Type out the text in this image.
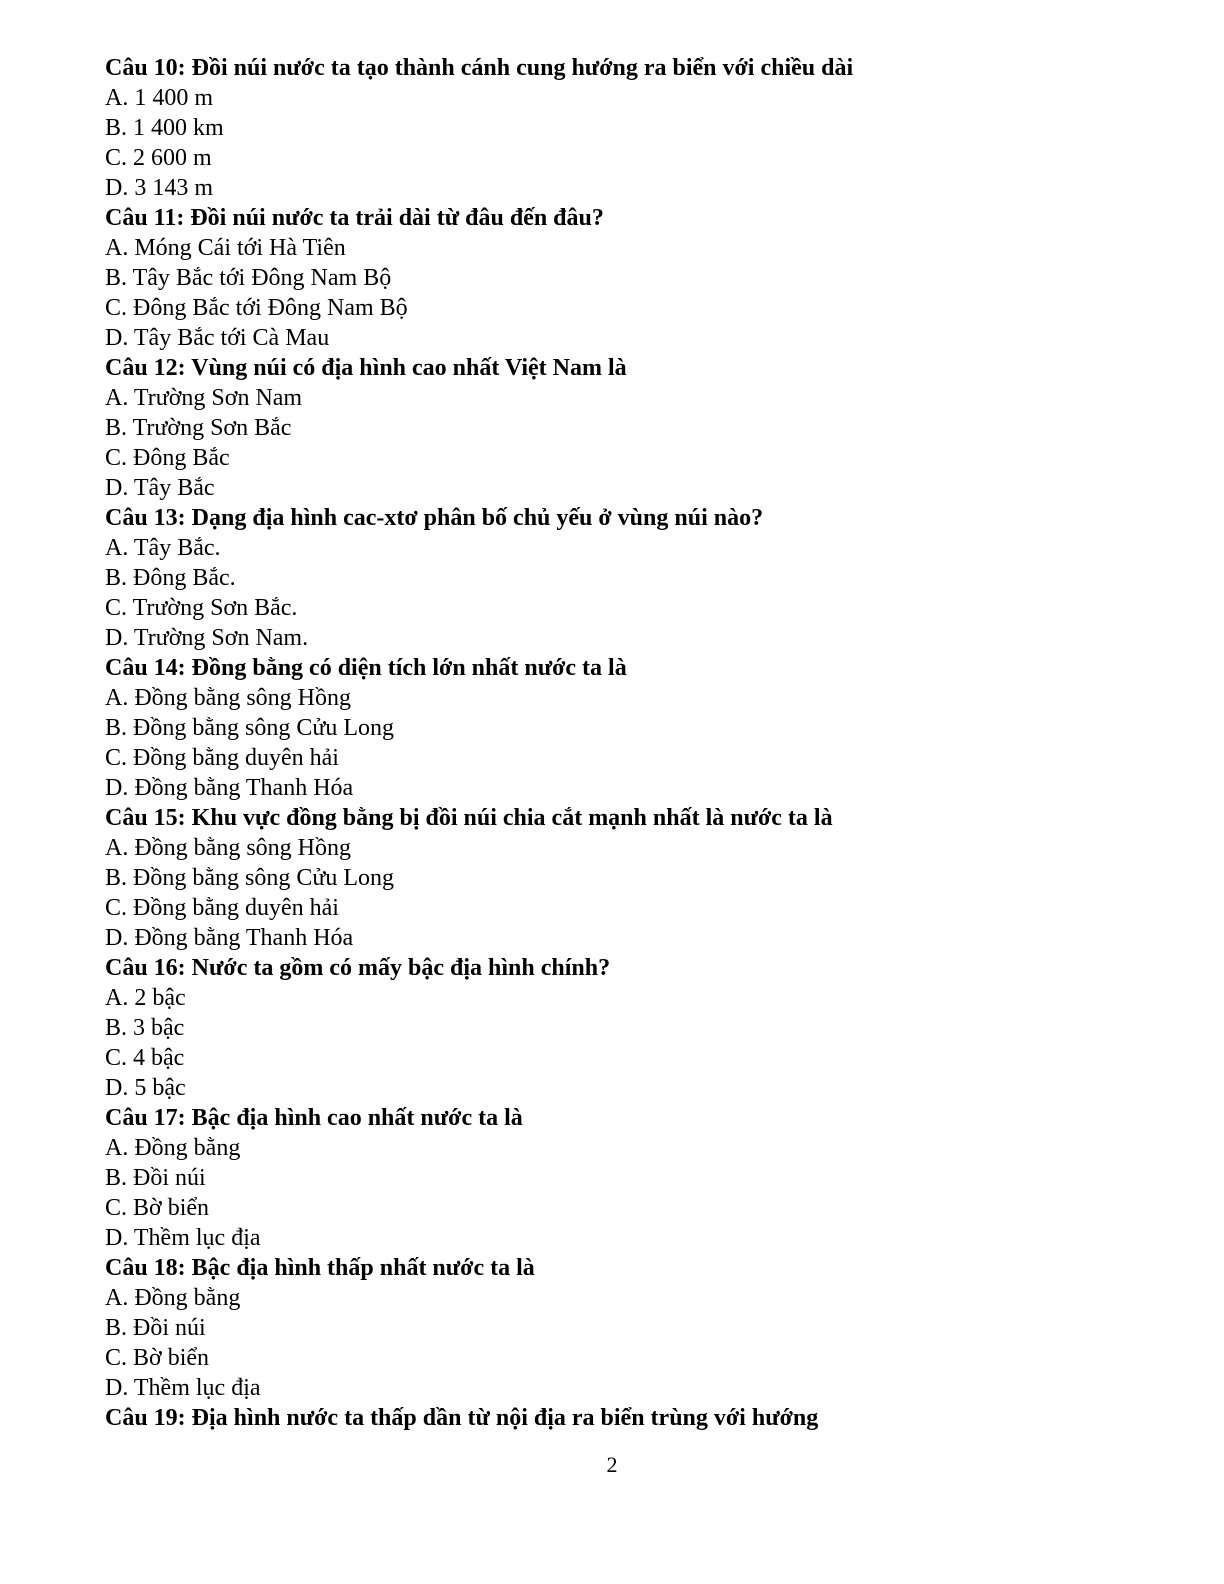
Câu 10: Đồi núi nước ta tạo thành cánh cung hướng ra biển với chiều dài
A. 1 400 m
B. 1 400 km
C. 2 600 m
D. 3 143 m
Câu 11: Đồi núi nước ta trải dài từ đâu đến đâu?
A. Móng Cái tới Hà Tiên
B. Tây Bắc tới Đông Nam Bộ
C. Đông Bắc tới Đông Nam Bộ
D. Tây Bắc tới Cà Mau
Câu 12: Vùng núi có địa hình cao nhất Việt Nam là
A. Trường Sơn Nam
B. Trường Sơn Bắc
C. Đông Bắc
D. Tây Bắc
Câu 13: Dạng địa hình cac-xtơ phân bố chủ yếu ở vùng núi nào?
A. Tây Bắc.
B. Đông Bắc.
C. Trường Sơn Bắc.
D. Trường Sơn Nam.
Câu 14: Đồng bằng có diện tích lớn nhất nước ta là
A. Đồng bằng sông Hồng
B. Đồng bằng sông Cửu Long
C. Đồng bằng duyên hải
D. Đồng bằng Thanh Hóa
Câu 15: Khu vực đồng bằng bị đồi núi chia cắt mạnh nhất là nước ta là
A. Đồng bằng sông Hồng
B. Đồng bằng sông Cửu Long
C. Đồng bằng duyên hải
D. Đồng bằng Thanh Hóa
Câu 16: Nước ta gồm có mấy bậc địa hình chính?
A. 2 bậc
B. 3 bậc
C. 4 bậc
D. 5 bậc
Câu 17: Bậc địa hình cao nhất nước ta là
A. Đồng bằng
B. Đồi núi
C. Bờ biển
D. Thềm lục địa
Câu 18: Bậc địa hình thấp nhất nước ta là
A. Đồng bằng
B. Đồi núi
C. Bờ biển
D. Thềm lục địa
Câu 19: Địa hình nước ta thấp dần từ nội địa ra biển trùng với hướng
2
